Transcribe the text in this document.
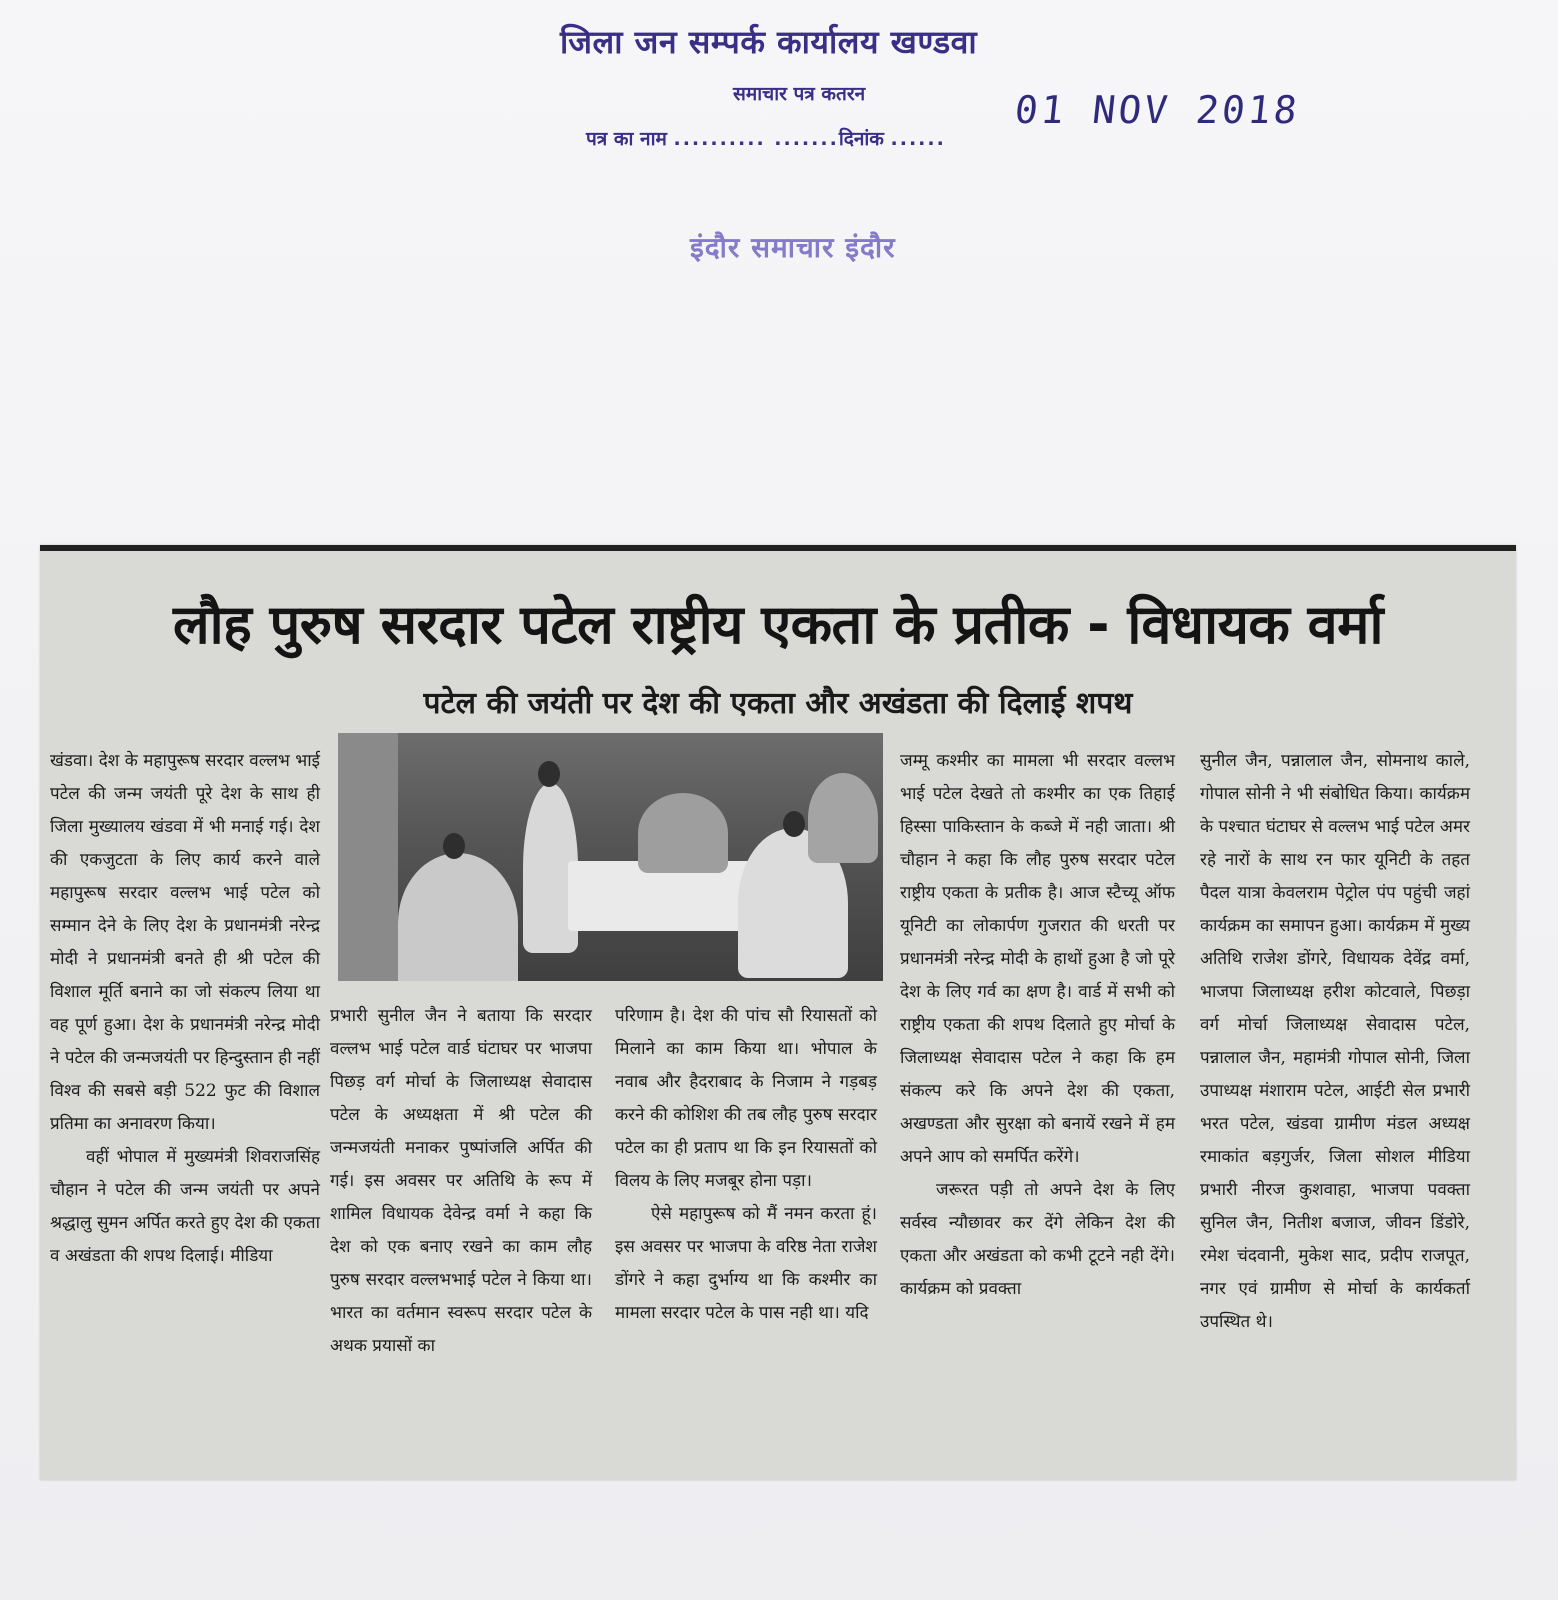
जिला जन सम्पर्क कार्यालय खण्डवा
समाचार पत्र कतरन
पत्र का नाम .......... .......दिनांक ......
01 NOV 2018
इंदौर समाचार इंदौर
लौह पुरुष सरदार पटेल राष्ट्रीय एकता के प्रतीक - विधायक वर्मा
पटेल की जयंती पर देश की एकता और अखंडता की दिलाई शपथ

खंडवा। देश के महापुरूष सरदार वल्लभ भाई पटेल की जन्म जयंती पूरे देश के साथ ही जिला मुख्यालय खंडवा में भी मनाई गई। देश की एकजुटता के लिए कार्य करने वाले महापुरूष सरदार वल्लभ भाई पटेल को सम्मान देने के लिए देश के प्रधानमंत्री नरेन्द्र मोदी ने प्रधानमंत्री बनते ही श्री पटेल की विशाल मूर्ति बनाने का जो संकल्प लिया था वह पूर्ण हुआ। देश के प्रधानमंत्री नरेन्द्र मोदी ने पटेल की जन्मजयंती पर हिन्दुस्तान ही नहीं विश्व की सबसे बड़ी 522 फुट की विशाल प्रतिमा का अनावरण किया।

वहीं भोपाल में मुख्यमंत्री शिवराजसिंह चौहान ने पटेल की जन्म जयंती पर अपने श्रद्धालु सुमन अर्पित करते हुए देश की एकता व अखंडता की शपथ दिलाई। मीडिया

प्रभारी सुनील जैन ने बताया कि सरदार वल्लभ भाई पटेल वार्ड घंटाघर पर भाजपा पिछड़ वर्ग मोर्चा के जिलाध्यक्ष सेवादास पटेल के अध्यक्षता में श्री पटेल की जन्मजयंती मनाकर पुष्पांजलि अर्पित की गई। इस अवसर पर अतिथि के रूप में शामिल विधायक देवेन्द्र वर्मा ने कहा कि देश को एक बनाए रखने का काम लौह पुरुष सरदार वल्लभभाई पटेल ने किया था। भारत का वर्तमान स्वरूप सरदार पटेल के अथक प्रयासों का

परिणाम है। देश की पांच सौ रियासतों को मिलाने का काम किया था। भोपाल के नवाब और हैदराबाद के निजाम ने गड़बड़ करने की कोशिश की तब लौह पुरुष सरदार पटेल का ही प्रताप था कि इन रियासतों को विलय के लिए मजबूर होना पड़ा।

ऐसे महापुरूष को मैं नमन करता हूं। इस अवसर पर भाजपा के वरिष्ठ नेता राजेश डोंगरे ने कहा दुर्भाग्य था कि कश्मीर का मामला सरदार पटेल के पास नही था। यदि

जम्मू कश्मीर का मामला भी सरदार वल्लभ भाई पटेल देखते तो कश्मीर का एक तिहाई हिस्सा पाकिस्तान के कब्जे में नही जाता। श्री चौहान ने कहा कि लौह पुरुष सरदार पटेल राष्ट्रीय एकता के प्रतीक है। आज स्टैच्यू ऑफ यूनिटी का लोकार्पण गुजरात की धरती पर प्रधानमंत्री नरेन्द्र मोदी के हाथों हुआ है जो पूरे देश के लिए गर्व का क्षण है। वार्ड में सभी को राष्ट्रीय एकता की शपथ दिलाते हुए मोर्चा के जिलाध्यक्ष सेवादास पटेल ने कहा कि हम संकल्प करे कि अपने देश की एकता, अखण्डता और सुरक्षा को बनायें रखने में हम अपने आप को समर्पित करेंगे।

जरूरत पड़ी तो अपने देश के लिए सर्वस्व न्यौछावर कर देंगे लेकिन देश की एकता और अखंडता को कभी टूटने नही देंगे। कार्यक्रम को प्रवक्ता

सुनील जैन, पन्नालाल जैन, सोमनाथ काले, गोपाल सोनी ने भी संबोधित किया। कार्यक्रम के पश्चात घंटाघर से वल्लभ भाई पटेल अमर रहे नारों के साथ रन फार यूनिटी के तहत पैदल यात्रा केवलराम पेट्रोल पंप पहुंची जहां कार्यक्रम का समापन हुआ। कार्यक्रम में मुख्य अतिथि राजेश डोंगरे, विधायक देवेंद्र वर्मा, भाजपा जिलाध्यक्ष हरीश कोटवाले, पिछड़ा वर्ग मोर्चा जिलाध्यक्ष सेवादास पटेल, पन्नालाल जैन, महामंत्री गोपाल सोनी, जिला उपाध्यक्ष मंशाराम पटेल, आईटी सेल प्रभारी भरत पटेल, खंडवा ग्रामीण मंडल अध्यक्ष रमाकांत बड़गुर्जर, जिला सोशल मीडिया प्रभारी नीरज कुशवाहा, भाजपा पवक्ता सुनिल जैन, नितीश बजाज, जीवन डिंडोरे, रमेश चंदवानी, मुकेश साद, प्रदीप राजपूत, नगर एवं ग्रामीण से मोर्चा के कार्यकर्ता उपस्थित थे।
